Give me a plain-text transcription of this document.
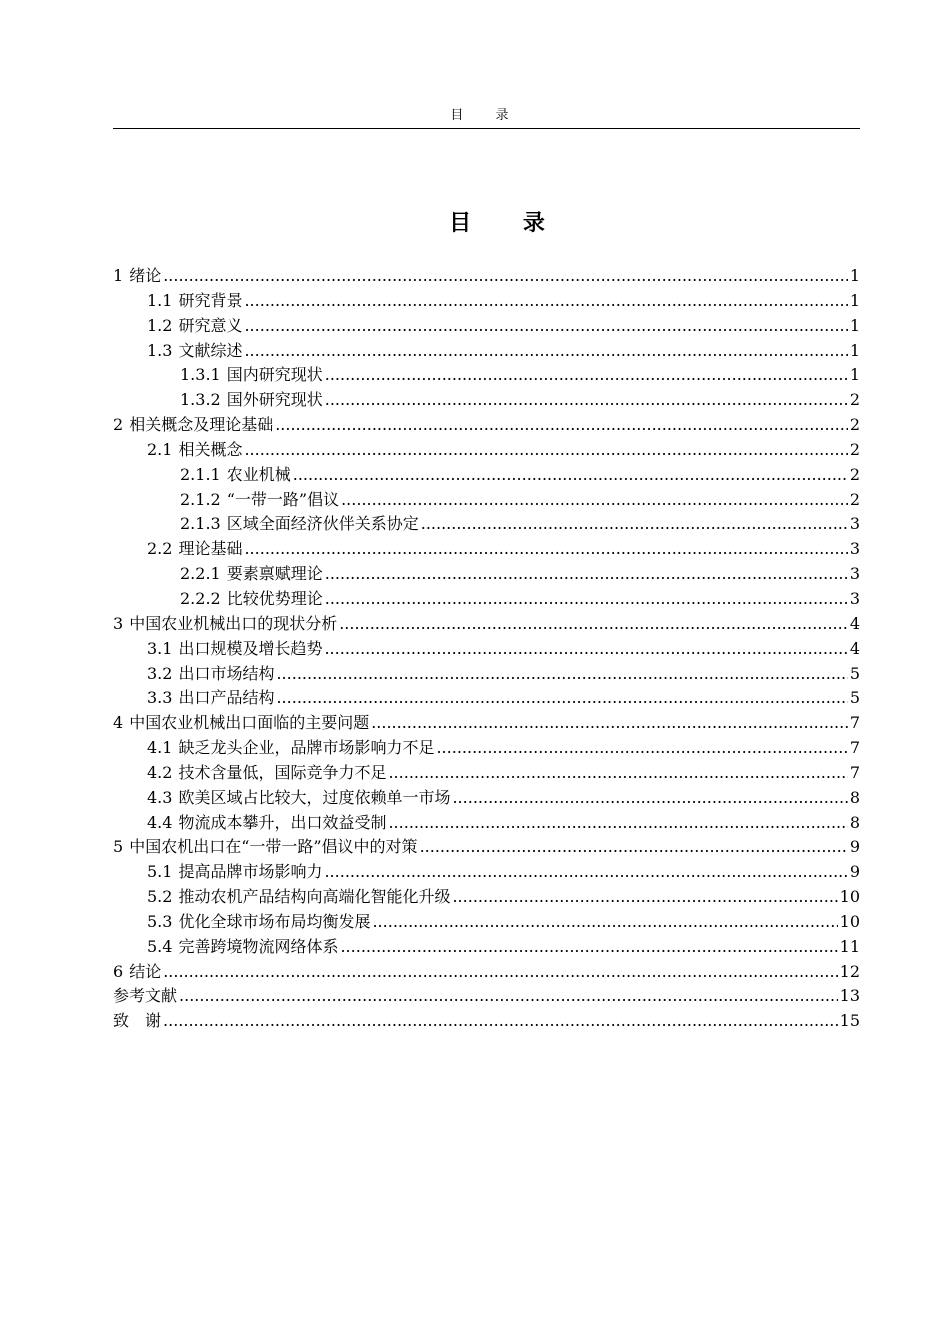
目 录
目 录
1 绪论 .....	1
1.1 研究背景 .....	1
1.2 研究意义 .....	1
1.3 文献综述 .....	1
1.3.1 国内研究现状 .....	1
1.3.2 国外研究现状 .....	2
2 相关概念及理论基础 .....	2
2.1 相关概念 .....	2
2.1.1 农业机械 .....	2
2.1.2 “一带一路”倡议 .....	2
2.1.3 区域全面经济伙伴关系协定 .....	3
2.2 理论基础 .....	3
2.2.1 要素禀赋理论 .....	3
2.2.2 比较优势理论 .....	3
3 中国农业机械出口的现状分析 .....	4
3.1 出口规模及增长趋势 .....	4
3.2 出口市场结构 .....	5
3.3 出口产品结构 .....	5
4 中国农业机械出口面临的主要问题 .....	7
4.1 缺乏龙头企业，品牌市场影响力不足 .....	7
4.2 技术含量低，国际竞争力不足 .....	7
4.3 欧美区域占比较大，过度依赖单一市场 .....	8
4.4 物流成本攀升，出口效益受制 .....	8
5 中国农机出口在“一带一路”倡议中的对策 .....	9
5.1 提高品牌市场影响力 .....	9
5.2 推动农机产品结构向高端化智能化升级 .....	10
5.3 优化全球市场布局均衡发展 .....	10
5.4 完善跨境物流网络体系 .....	11
6 结论 .....	12
参考文献 .....	13
致　谢 .....	15
